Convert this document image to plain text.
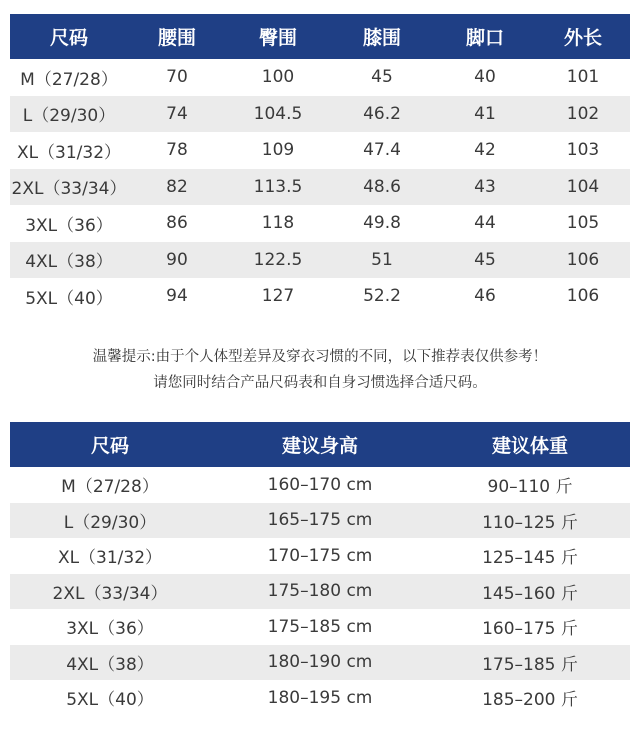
尺码	腰围	臀围	膝围	脚口	外长
M（27/28）	70	100	45	40	101
L（29/30）	74	104.5	46.2	41	102
XL（31/32）	78	109	47.4	42	103
2XL（33/34）	82	113.5	48.6	43	104
3XL（36）	86	118	49.8	44	105
4XL（38）	90	122.5	51	45	106
5XL（40）	94	127	52.2	46	106
温馨提示:由于个人体型差异及穿衣习惯的不同，以下推荐表仅供参考！
请您同时结合产品尺码表和自身习惯选择合适尺码。
尺码	建议身高	建议体重
M（27/28）	160–170 cm	90–110 斤
L（29/30）	165–175 cm	110–125 斤
XL（31/32）	170–175 cm	125–145 斤
2XL（33/34）	175–180 cm	145–160 斤
3XL（36）	175–185 cm	160–175 斤
4XL（38）	180–190 cm	175–185 斤
5XL（40）	180–195 cm	185–200 斤
